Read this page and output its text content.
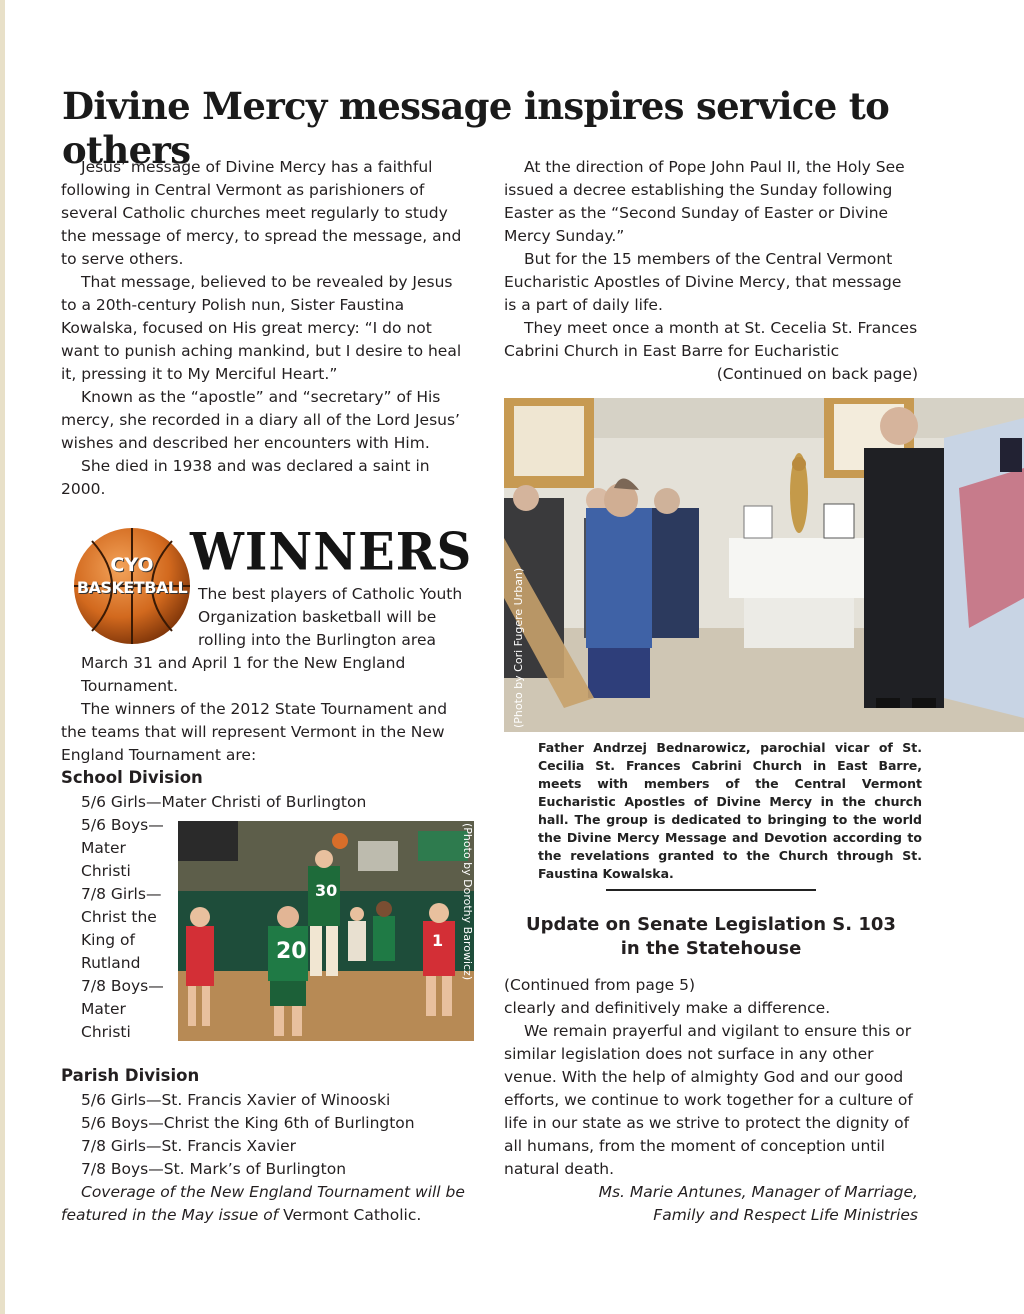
Divine Mercy message inspires service to others

Jesus’ message of Divine Mercy has a faithful following in Central Vermont as parishioners of several Catholic churches meet regularly to study the message of mercy, to spread the message, and to serve others.

That message, believed to be revealed by Jesus to a 20th-century Polish nun, Sister Faustina Kowalska, focused on His great mercy: “I do not want to punish aching mankind, but I desire to heal it, pressing it to My Merciful Heart.”

Known as the “apostle” and “secretary” of His mercy, she recorded in a diary all of the Lord Jesus’ wishes and described her encounters with Him.

She died in 1938 and was declared a saint in 2000.

At the direction of Pope John Paul II, the Holy See issued a decree establishing the Sunday following Easter as the “Second Sunday of Easter or Divine Mercy Sunday.”

But for the 15 members of the Central Vermont Eucharistic Apostles of Divine Mercy, that message is a part of daily life.

They meet once a month at St. Cecelia St. Frances Cabrini Church in East Barre for Eucharistic

(Continued on back page)

(Photo by Cori Fugere Urban)
Father Andrzej Bednarowicz, parochial vicar of St. Cecilia St. Frances Cabrini Church in East Barre, meets with members of the Central Vermont Eucharistic Apostles of Divine Mercy in the church hall. The group is dedicated to bringing to the world the Divine Mercy Message and Devotion according to the revelations granted to the Church through St. Faustina Kowalska.
CYO
BASKETBALL
WINNERS

The best players of Catholic Youth Organization basketball will be rolling into the Burlington area March 31 and April 1 for the New England Tournament.

The winners of the 2012 State Tournament and the teams that will represent Vermont in the New England Tournament are:

School Division

5/6 Girls—Mater Christi of Burlington

5/6 Boys—Mater Christi

7/8 Girls—Christ the King of Rutland

7/8 Boys—Mater Christi

30
20	1 (Photo by Dorothy Barowicz)

Parish Division

5/6 Girls—St. Francis Xavier of Winooski

5/6 Boys—Christ the King 6th of Burlington

7/8 Girls—St. Francis Xavier

7/8 Boys—St. Mark’s of Burlington

Coverage of the New England Tournament will be featured in the May issue of Vermont Catholic.

Update on Senate Legislation S. 103
in the Statehouse

(Continued from page 5)

clearly and definitively make a difference.

We remain prayerful and vigilant to ensure this or similar legislation does not surface in any other venue. With the help of almighty God and our good efforts, we continue to work together for a culture of life in our state as we strive to protect the dignity of all humans, from the moment of conception until natural death.

Ms. Marie Antunes, Manager of Marriage,

Family and Respect Life Ministries
